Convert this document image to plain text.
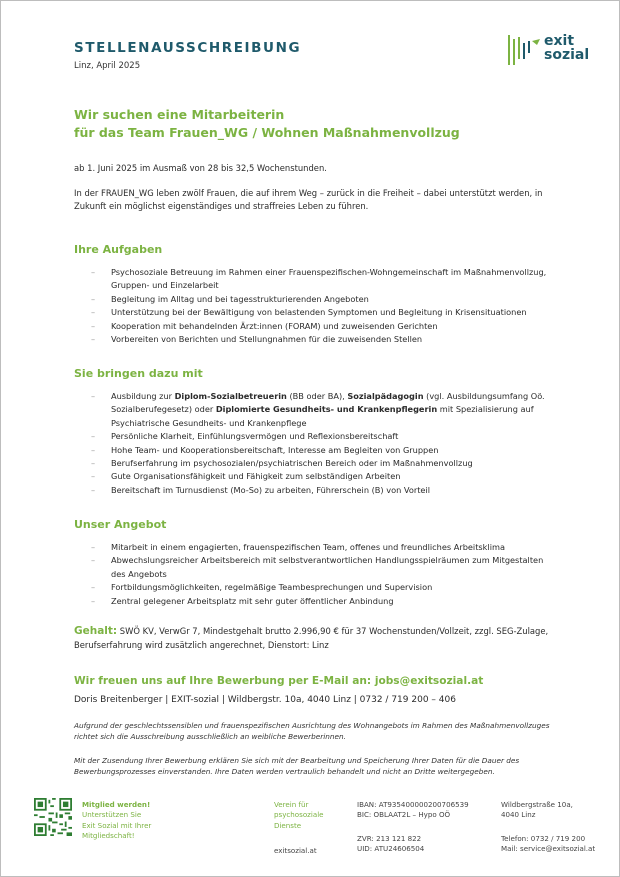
STELLENAUSSCHREIBUNG
Linz, April 2025
exit
sozial
Wir suchen eine Mitarbeiterin
für das Team Frauen_WG / Wohnen Maßnahmenvollzug
ab 1. Juni 2025 im Ausmaß von 28 bis 32,5 Wochenstunden.
In der FRAUEN_WG leben zwölf Frauen, die auf ihrem Weg – zurück in die Freiheit – dabei unterstützt werden, in Zukunft ein möglichst eigenständiges und straffreies Leben zu führen.
Ihre Aufgaben
– Psychosoziale Betreuung im Rahmen einer Frauenspezifischen-Wohngemeinschaft im Maßnahmenvollzug, Gruppen- und Einzelarbeit
– Begleitung im Alltag und bei tagesstrukturierenden Angeboten
– Unterstützung bei der Bewältigung von belastenden Symptomen und Begleitung in Krisensituationen
– Kooperation mit behandelnden Ärzt:innen (FORAM) und zuweisenden Gerichten
– Vorbereiten von Berichten und Stellungnahmen für die zuweisenden Stellen
Sie bringen dazu mit
– Ausbildung zur Diplom-Sozialbetreuerin (BB oder BA), Sozialpädagogin (vgl. Ausbildungsumfang Oö. Sozialberufegesetz) oder Diplomierte Gesundheits- und Krankenpflegerin mit Spezialisierung auf Psychiatrische Gesundheits- und Krankenpflege
– Persönliche Klarheit, Einfühlungsvermögen und Reflexionsbereitschaft
– Hohe Team- und Kooperationsbereitschaft, Interesse am Begleiten von Gruppen
– Berufserfahrung im psychosozialen/psychiatrischen Bereich oder im Maßnahmenvollzug
– Gute Organisationsfähigkeit und Fähigkeit zum selbständigen Arbeiten
– Bereitschaft im Turnusdienst (Mo-So) zu arbeiten, Führerschein (B) von Vorteil
Unser Angebot
– Mitarbeit in einem engagierten, frauenspezifischen Team, offenes und freundliches Arbeitsklima
– Abwechslungsreicher Arbeitsbereich mit selbstverantwortlichen Handlungsspielräumen zum Mitgestalten des Angebots
– Fortbildungsmöglichkeiten, regelmäßige Teambesprechungen und Supervision
– Zentral gelegener Arbeitsplatz mit sehr guter öffentlicher Anbindung
Gehalt: SWÖ KV, VerwGr 7, Mindestgehalt brutto 2.996,90 € für 37 Wochenstunden/Vollzeit, zzgl. SEG-Zulage, Berufserfahrung wird zusätzlich angerechnet, Dienstort: Linz
Wir freuen uns auf Ihre Bewerbung per E-Mail an: jobs@exitsozial.at
Doris Breitenberger | EXIT-sozial | Wildbergstr. 10a, 4040 Linz | 0732 / 719 200 – 406
Aufgrund der geschlechtssensiblen und frauenspezifischen Ausrichtung des Wohnangebots im Rahmen des Maßnahmenvollzuges richtet sich die Ausschreibung ausschließlich an weibliche Bewerberinnen.
Mit der Zusendung Ihrer Bewerbung erklären Sie sich mit der Bearbeitung und Speicherung Ihrer Daten für die Dauer des Bewerbungsprozesses einverstanden. Ihre Daten werden vertraulich behandelt und nicht an Dritte weitergegeben.
Mitglied werden!
Unterstützen Sie
Exit Sozial mit Ihrer
Mitgliedschaft!
Verein für
psychosoziale
Dienste
exitsozial.at
IBAN: AT935400000200706539
BIC: OBLAAT2L – Hypo OÖ
ZVR: 213 121 822
UID: ATU24606504
Wildbergstraße 10a,
4040 Linz
Telefon: 0732 / 719 200
Mail: service@exitsozial.at
